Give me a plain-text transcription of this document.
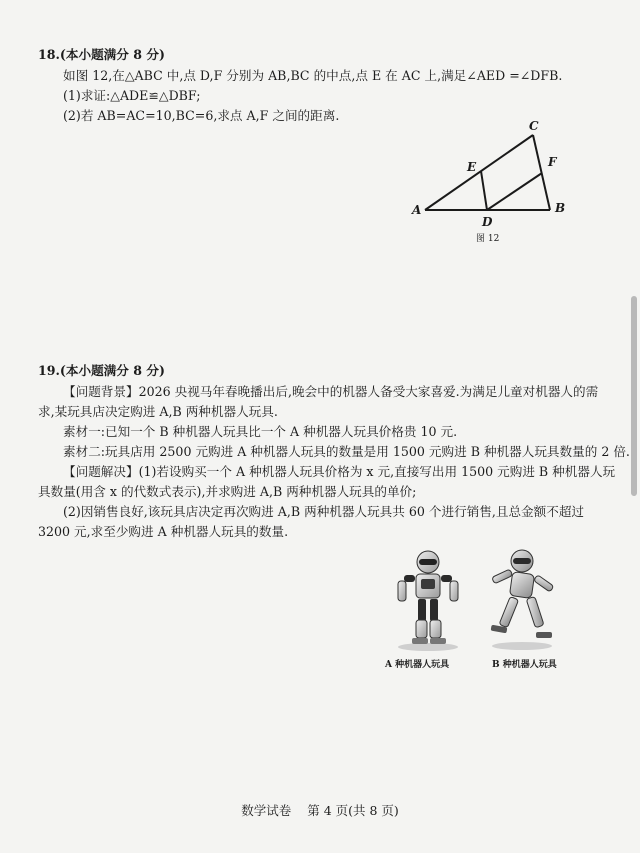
18.(本小题满分 8 分)
如图 12,在△ABC 中,点 D,F 分别为 AB,BC 的中点,点 E 在 AC 上,满足∠AED =∠DFB.
(1)求证:△ADE≌△DBF;
(2)若 AB=AC=10,BC=6,求点 A,F 之间的距离.
C
E	F
A
D
B
图 12
19.(本小题满分 8 分)
【问题背景】2026 央视马年春晚播出后,晚会中的机器人备受大家喜爱.为满足儿童对机器人的需
求,某玩具店决定购进 A,B 两种机器人玩具.
素材一:已知一个 B 种机器人玩具比一个 A 种机器人玩具价格贵 10 元.
素材二:玩具店用 2500 元购进 A 种机器人玩具的数量是用 1500 元购进 B 种机器人玩具数量的 2 倍.
【问题解决】(1)若设购买一个 A 种机器人玩具价格为 x 元,直接写出用 1500 元购进 B 种机器人玩
具数量(用含 x 的代数式表示),并求购进 A,B 两种机器人玩具的单价;
(2)因销售良好,该玩具店决定再次购进 A,B 两种机器人玩具共 60 个进行销售,且总金额不超过
3200 元,求至少购进 A 种机器人玩具的数量.
A 种机器人玩具	B 种机器人玩具
数学试卷 第 4 页(共 8 页)
